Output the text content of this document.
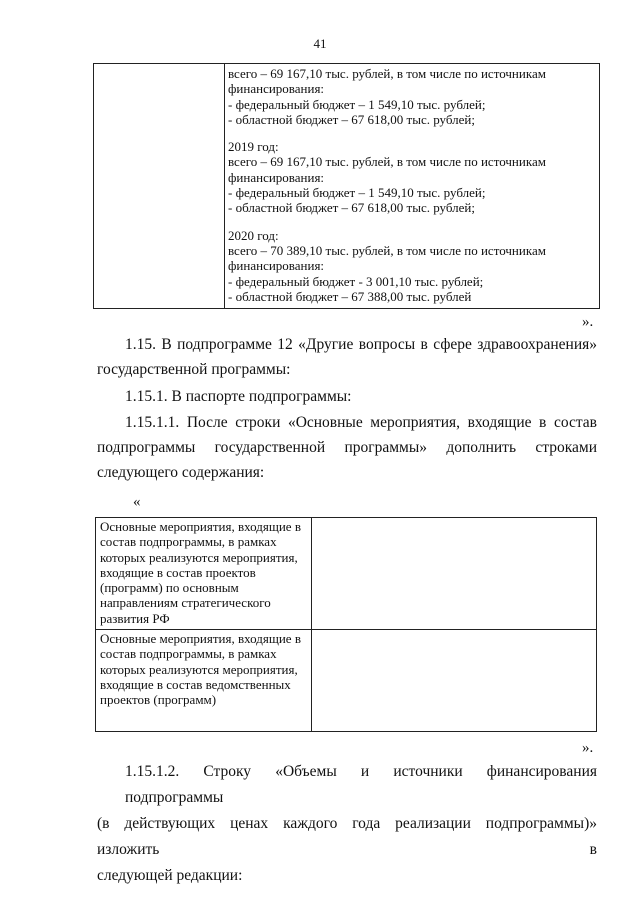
41

всего – 69 167,10 тыс. рублей, в том числе по источникам
финансирования:
- федеральный бюджет – 1 549,10 тыс. рублей;
- областной бюджет – 67 618,00 тыс. рублей;
2019 год:
всего – 69 167,10 тыс. рублей, в том числе по источникам
финансирования:
- федеральный бюджет – 1 549,10 тыс. рублей;
- областной бюджет – 67 618,00 тыс. рублей;
2020 год:
всего – 70 389,10 тыс. рублей, в том числе по источникам
финансирования:
- федеральный бюджет - 3 001,10 тыс. рублей;
- областной бюджет – 67 388,00 тыс. рублей
».
1.15. В подпрограмме 12 «Другие вопросы в сфере здравоохранения»
государственной программы:
1.15.1. В паспорте подпрограммы:
1.15.1.1. После строки «Основные мероприятия, входящие в состав
подпрограммы государственной программы» дополнить строками
следующего содержания:
«
Основные мероприятия, входящие в состав подпрограммы, в рамках которых реализуются мероприятия, входящие в состав проектов (программ) по основным направлениям стратегического развития РФ	

Основные мероприятия, входящие в состав подпрограммы, в рамках которых реализуются мероприятия, входящие в состав ведомственных проектов (программ)	

».
1.15.1.2. Строку «Объемы и источники финансирования подпрограммы
(в действующих ценах каждого года реализации подпрограммы)» изложить в
следующей редакции:
